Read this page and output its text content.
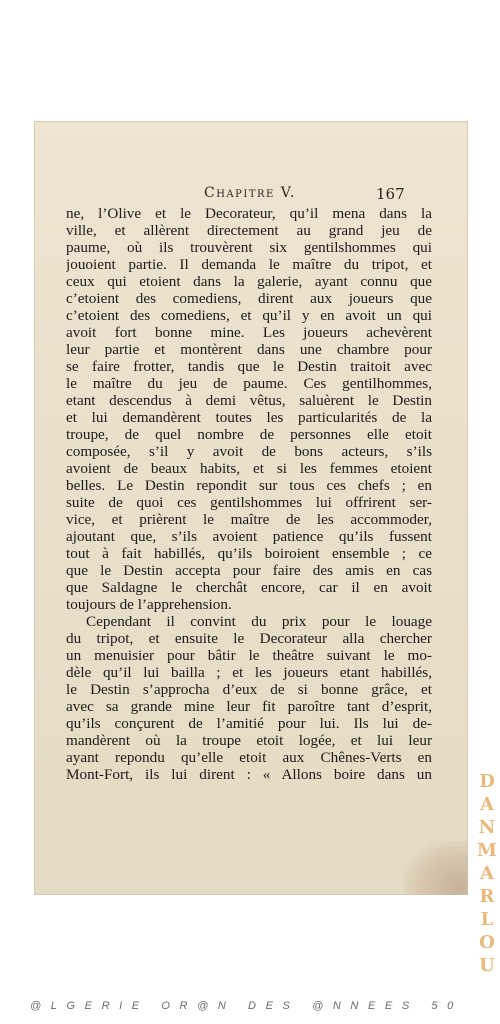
Chapitre V.	167
ne, l’Olive et le Decorateur, qu’il mena dans la
ville, et allèrent directement au grand jeu de
paume, où ils trouvèrent six gentilshommes qui
jouoient partie. Il demanda le maître du tripot, et
ceux qui etoient dans la galerie, ayant connu que
c’etoient des comediens, dirent aux joueurs que
c’etoient des comediens, et qu’il y en avoit un qui
avoit fort bonne mine. Les joueurs achevèrent
leur partie et montèrent dans une chambre pour
se faire frotter, tandis que le Destin traitoit avec
le maître du jeu de paume. Ces gentilhommes,
etant descendus à demi vêtus, saluèrent le Destin
et lui demandèrent toutes les particularités de la
troupe, de quel nombre de personnes elle etoit
composée, s’il y avoit de bons acteurs, s’ils
avoient de beaux habits, et si les femmes etoient
belles. Le Destin repondit sur tous ces chefs ; en
suite de quoi ces gentilshommes lui offrirent ser-
vice, et prièrent le maître de les accommoder,
ajoutant que, s’ils avoient patience qu’ils fussent
tout à fait habillés, qu’ils boiroient ensemble ; ce
que le Destin accepta pour faire des amis en cas
que Saldagne le cherchât encore, car il en avoit
toujours de l’apprehension.
Cependant il convint du prix pour le louage
du tripot, et ensuite le Decorateur alla chercher
un menuisier pour bâtir le theâtre suivant le mo-
dèle qu’il lui bailla ; et les joueurs etant habillés,
le Destin s’approcha d’eux de si bonne grâce, et
avec sa grande mine leur fit paroître tant d’esprit,
qu’ils conçurent de l’amitié pour lui. Ils lui de-
mandèrent où la troupe etoit logée, et lui leur
ayant repondu qu’elle etoit aux Chênes-Verts en
Mont-Fort, ils lui dirent : « Allons boire dans un	D
A
N
M
A
R
L
O
U
@LGERIE OR@N DES @NNEES 50
